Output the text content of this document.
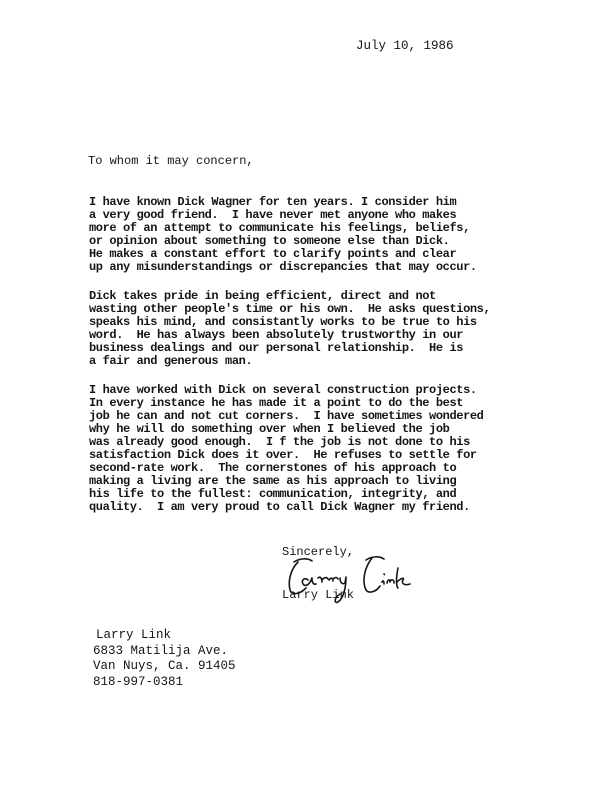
July 10, 1986
To whom it may concern,
I have known Dick Wagner for ten years. I consider him
a very good friend.  I have never met anyone who makes
more of an attempt to communicate his feelings, beliefs,
or opinion about something to someone else than Dick.
He makes a constant effort to clarify points and clear
up any misunderstandings or discrepancies that may occur.
Dick takes pride in being efficient, direct and not
wasting other people's time or his own.  He asks questions,
speaks his mind, and consistantly works to be true to his
word.  He has always been absolutely trustworthy in our
business dealings and our personal relationship.  He is
a fair and generous man.
I have worked with Dick on several construction projects.
In every instance he has made it a point to do the best
job he can and not cut corners.  I have sometimes wondered
why he will do something over when I believed the job
was already good enough.  I f the job is not done to his
satisfaction Dick does it over.  He refuses to settle for
second-rate work.  The cornerstones of his approach to
making a living are the same as his approach to living
his life to the fullest: communication, integrity, and
quality.  I am very proud to call Dick Wagner my friend.
Sincerely,
Larry Link
Larry Link
Larry Link
6833 Matilija Ave.
Van Nuys, Ca. 91405
818-997-0381
